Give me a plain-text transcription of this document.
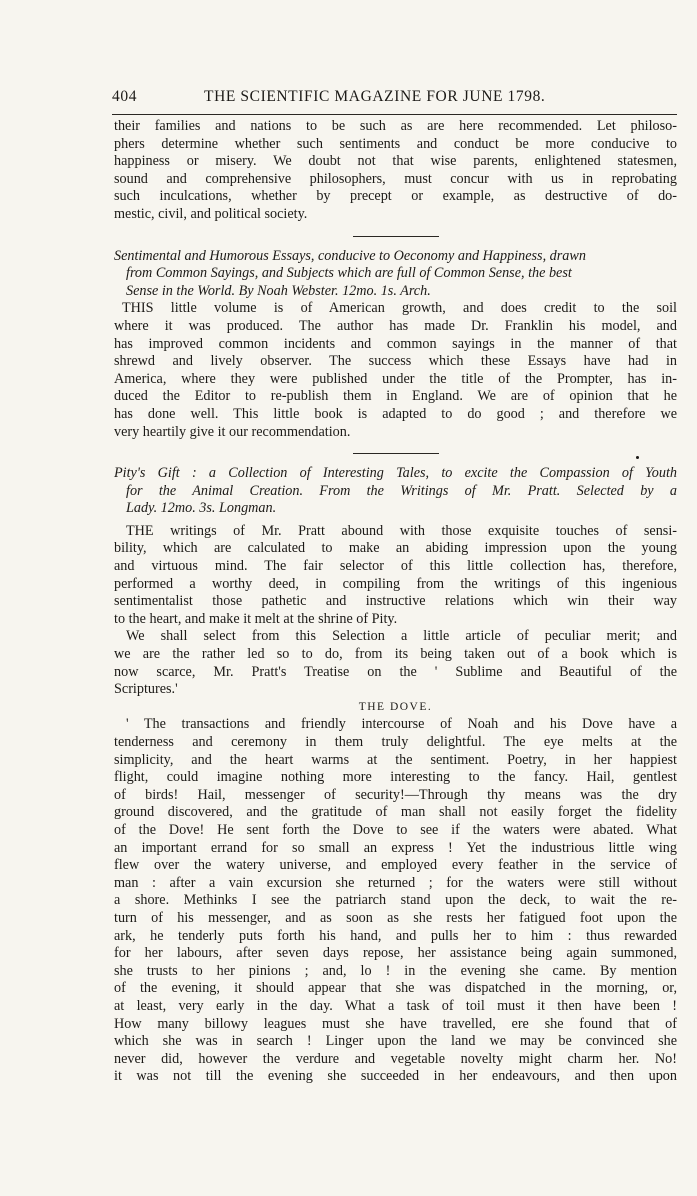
404	THE SCIENTIFIC MAGAZINE FOR JUNE 1798.
their families and nations to be such as are here recommended. Let philoso-
phers determine whether such sentiments and conduct be more conducive to
happiness or misery. We doubt not that wise parents, enlightened statesmen,
sound and comprehensive philosophers, must concur with us in reprobating
such inculcations, whether by precept or example, as destructive of do-
mestic, civil, and political society.
Sentimental and Humorous Essays, conducive to Oeconomy and Happiness, drawn
from Common Sayings, and Subjects which are full of Common Sense, the best
Sense in the World. By Noah Webster. 12mo. 1s. Arch.
THIS little volume is of American growth, and does credit to the soil
where it was produced. The author has made Dr. Franklin his model, and
has improved common incidents and common sayings in the manner of that
shrewd and lively observer. The success which these Essays have had in
America, where they were published under the title of the Prompter, has in-
duced the Editor to re-publish them in England. We are of opinion that he
has done well. This little book is adapted to do good ; and therefore we
very heartily give it our recommendation.
Pity's Gift : a Collection of Interesting Tales, to excite the Compassion of Youth
for the Animal Creation. From the Writings of Mr. Pratt. Selected by a
Lady. 12mo. 3s. Longman.
THE writings of Mr. Pratt abound with those exquisite touches of sensi-
bility, which are calculated to make an abiding impression upon the young
and virtuous mind. The fair selector of this little collection has, therefore,
performed a worthy deed, in compiling from the writings of this ingenious
sentimentalist those pathetic and instructive relations which win their way
to the heart, and make it melt at the shrine of Pity.
We shall select from this Selection a little article of peculiar merit; and
we are the rather led so to do, from its being taken out of a book which is
now scarce, Mr. Pratt's Treatise on the ' Sublime and Beautiful of the
Scriptures.'
THE DOVE.
' The transactions and friendly intercourse of Noah and his Dove have a
tenderness and ceremony in them truly delightful. The eye melts at the
simplicity, and the heart warms at the sentiment. Poetry, in her happiest
flight, could imagine nothing more interesting to the fancy. Hail, gentlest
of birds! Hail, messenger of security!—Through thy means was the dry
ground discovered, and the gratitude of man shall not easily forget the fidelity
of the Dove! He sent forth the Dove to see if the waters were abated. What
an important errand for so small an express ! Yet the industrious little wing
flew over the watery universe, and employed every feather in the service of
man : after a vain excursion she returned ; for the waters were still without
a shore. Methinks I see the patriarch stand upon the deck, to wait the re-
turn of his messenger, and as soon as she rests her fatigued foot upon the
ark, he tenderly puts forth his hand, and pulls her to him : thus rewarded
for her labours, after seven days repose, her assistance being again summoned,
she trusts to her pinions ; and, lo ! in the evening she came. By mention
of the evening, it should appear that she was dispatched in the morning, or,
at least, very early in the day. What a task of toil must it then have been !
How many billowy leagues must she have travelled, ere she found that of
which she was in search ! Linger upon the land we may be convinced she
never did, however the verdure and vegetable novelty might charm her. No!
it was not till the evening she succeeded in her endeavours, and then upon
